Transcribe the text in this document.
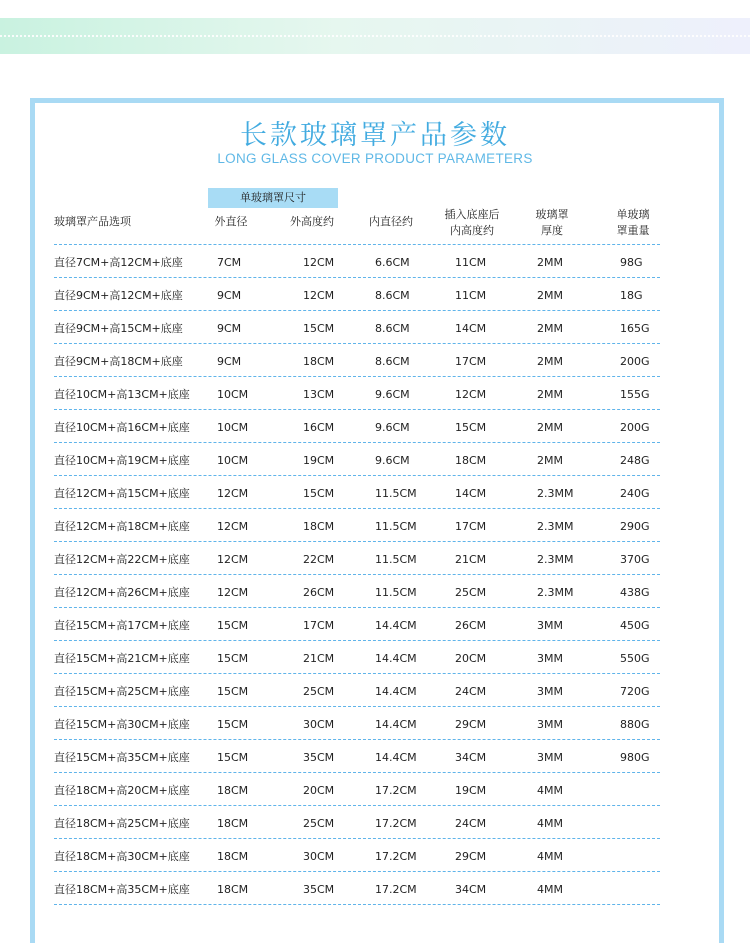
长款玻璃罩产品参数

LONG GLASS COVER PRODUCT PARAMETERS

单玻璃罩尺寸
玻璃罩产品选项	外直径	外高度约	内直径约
插入底座后
内高度约
玻璃罩
厚度
单玻璃
罩重量
直径7CM+高12CM+底座	7CM	12CM	6.6CM	11CM	2MM	98G
直径9CM+高12CM+底座	9CM	12CM	8.6CM	11CM	2MM	18G
直径9CM+高15CM+底座	9CM	15CM	8.6CM	14CM	2MM	165G
直径9CM+高18CM+底座	9CM	18CM	8.6CM	17CM	2MM	200G
直径10CM+高13CM+底座 10CM	13CM	9.6CM	12CM	2MM	155G
直径10CM+高16CM+底座 10CM	16CM	9.6CM	15CM	2MM	200G
直径10CM+高19CM+底座 10CM	19CM	9.6CM	18CM	2MM	248G
直径12CM+高15CM+底座 12CM	15CM	11.5CM	14CM	2.3MM	240G
直径12CM+高18CM+底座 12CM	18CM	11.5CM	17CM	2.3MM	290G
直径12CM+高22CM+底座 12CM	22CM	11.5CM	21CM	2.3MM	370G
直径12CM+高26CM+底座 12CM	26CM	11.5CM	25CM	2.3MM	438G
直径15CM+高17CM+底座 15CM	17CM	14.4CM	26CM	3MM	450G
直径15CM+高21CM+底座 15CM	21CM	14.4CM	20CM	3MM	550G
直径15CM+高25CM+底座 15CM	25CM	14.4CM	24CM	3MM	720G
直径15CM+高30CM+底座 15CM	30CM	14.4CM	29CM	3MM	880G
直径15CM+高35CM+底座 15CM	35CM	14.4CM	34CM	3MM	980G
直径18CM+高20CM+底座 18CM	20CM	17.2CM	19CM	4MM
直径18CM+高25CM+底座 18CM	25CM	17.2CM	24CM	4MM
直径18CM+高30CM+底座 18CM	30CM	17.2CM	29CM	4MM
直径18CM+高35CM+底座 18CM	35CM	17.2CM	34CM	4MM
